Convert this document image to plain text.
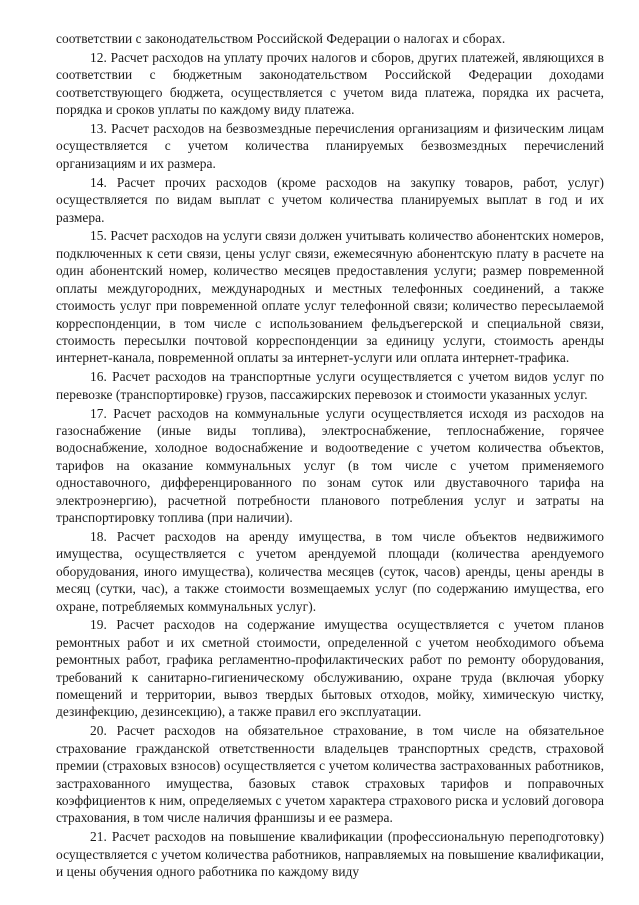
соответствии с законодательством Российской Федерации о налогах и сборах.

12. Расчет расходов на уплату прочих налогов и сборов, других платежей, являющихся в соответствии с бюджетным законодательством Российской Федерации доходами соответствующего бюджета, осуществляется с учетом вида платежа, порядка их расчета, порядка и сроков уплаты по каждому виду платежа.

13. Расчет расходов на безвозмездные перечисления организациям и физическим лицам осуществляется с учетом количества планируемых безвозмездных перечислений организациям и их размера.

14. Расчет прочих расходов (кроме расходов на закупку товаров, работ, услуг) осуществляется по видам выплат с учетом количества планируемых выплат в год и их размера.

15. Расчет расходов на услуги связи должен учитывать количество абонентских номеров, подключенных к сети связи, цены услуг связи, ежемесячную абонентскую плату в расчете на один абонентский номер, количество месяцев предоставления услуги; размер повременной оплаты междугородних, международных и местных телефонных соединений, а также стоимость услуг при повременной оплате услуг телефонной связи; количество пересылаемой корреспонденции, в том числе с использованием фельдъегерской и специальной связи, стоимость пересылки почтовой корреспонденции за единицу услуги, стоимость аренды интернет-канала, повременной оплаты за интернет-услуги или оплата интернет-трафика.

16. Расчет расходов на транспортные услуги осуществляется с учетом видов услуг по перевозке (транспортировке) грузов, пассажирских перевозок и стоимости указанных услуг.

17. Расчет расходов на коммунальные услуги осуществляется исходя из расходов на газоснабжение (иные виды топлива), электроснабжение, теплоснабжение, горячее водоснабжение, холодное водоснабжение и водоотведение с учетом количества объектов, тарифов на оказание коммунальных услуг (в том числе с учетом применяемого одноставочного, дифференцированного по зонам суток или двуставочного тарифа на электроэнергию), расчетной потребности планового потребления услуг и затраты на транспортировку топлива (при наличии).

18. Расчет расходов на аренду имущества, в том числе объектов недвижимого имущества, осуществляется с учетом арендуемой площади (количества арендуемого оборудования, иного имущества), количества месяцев (суток, часов) аренды, цены аренды в месяц (сутки, час), а также стоимости возмещаемых услуг (по содержанию имущества, его охране, потребляемых коммунальных услуг).

19. Расчет расходов на содержание имущества осуществляется с учетом планов ремонтных работ и их сметной стоимости, определенной с учетом необходимого объема ремонтных работ, графика регламентно-профилактических работ по ремонту оборудования, требований к санитарно-гигиеническому обслуживанию, охране труда (включая уборку помещений и территории, вывоз твердых бытовых отходов, мойку, химическую чистку, дезинфекцию, дезинсекцию), а также правил его эксплуатации.

20. Расчет расходов на обязательное страхование, в том числе на обязательное страхование гражданской ответственности владельцев транспортных средств, страховой премии (страховых взносов) осуществляется с учетом количества застрахованных работников, застрахованного имущества, базовых ставок страховых тарифов и поправочных коэффициентов к ним, определяемых с учетом характера страхового риска и условий договора страхования, в том числе наличия франшизы и ее размера.

21. Расчет расходов на повышение квалификации (профессиональную переподготовку) осуществляется с учетом количества работников, направляемых на повышение квалификации, и цены обучения одного работника по каждому виду
